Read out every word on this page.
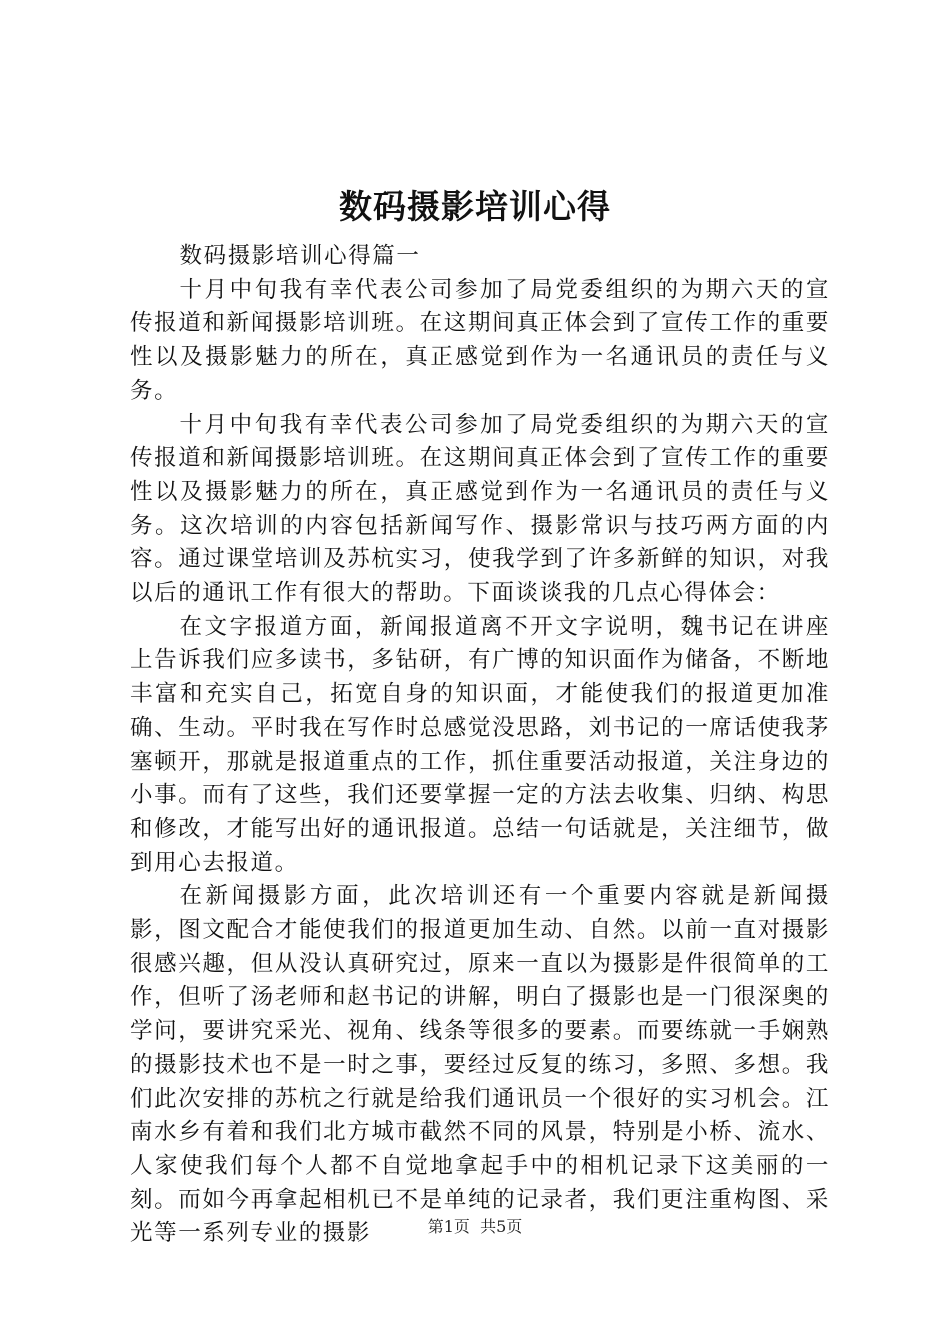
数码摄影培训心得

数码摄影培训心得篇一

十月中旬我有幸代表公司参加了局党委组织的为期六天的宣传报道和新闻摄影培训班。在这期间真正体会到了宣传工作的重要性以及摄影魅力的所在，真正感觉到作为一名通讯员的责任与义务。

十月中旬我有幸代表公司参加了局党委组织的为期六天的宣传报道和新闻摄影培训班。在这期间真正体会到了宣传工作的重要性以及摄影魅力的所在，真正感觉到作为一名通讯员的责任与义务。这次培训的内容包括新闻写作、摄影常识与技巧两方面的内容。通过课堂培训及苏杭实习，使我学到了许多新鲜的知识，对我以后的通讯工作有很大的帮助。下面谈谈我的几点心得体会：

在文字报道方面，新闻报道离不开文字说明，魏书记在讲座上告诉我们应多读书，多钻研，有广博的知识面作为储备，不断地丰富和充实自己，拓宽自身的知识面，才能使我们的报道更加准确、生动。平时我在写作时总感觉没思路，刘书记的一席话使我茅塞顿开，那就是报道重点的工作，抓住重要活动报道，关注身边的小事。而有了这些，我们还要掌握一定的方法去收集、归纳、构思和修改，才能写出好的通讯报道。总结一句话就是，关注细节，做到用心去报道。

在新闻摄影方面，此次培训还有一个重要内容就是新闻摄影，图文配合才能使我们的报道更加生动、自然。以前一直对摄影很感兴趣，但从没认真研究过，原来一直以为摄影是件很简单的工作，但听了汤老师和赵书记的讲解，明白了摄影也是一门很深奥的学问，要讲究采光、视角、线条等很多的要素。而要练就一手娴熟的摄影技术也不是一时之事，要经过反复的练习，多照、多想。我们此次安排的苏杭之行就是给我们通讯员一个很好的实习机会。江南水乡有着和我们北方城市截然不同的风景，特别是小桥、流水、人家使我们每个人都不自觉地拿起手中的相机记录下这美丽的一刻。而如今再拿起相机已不是单纯的记录者，我们更注重构图、采光等一系列专业的摄影	第1页 共5页
